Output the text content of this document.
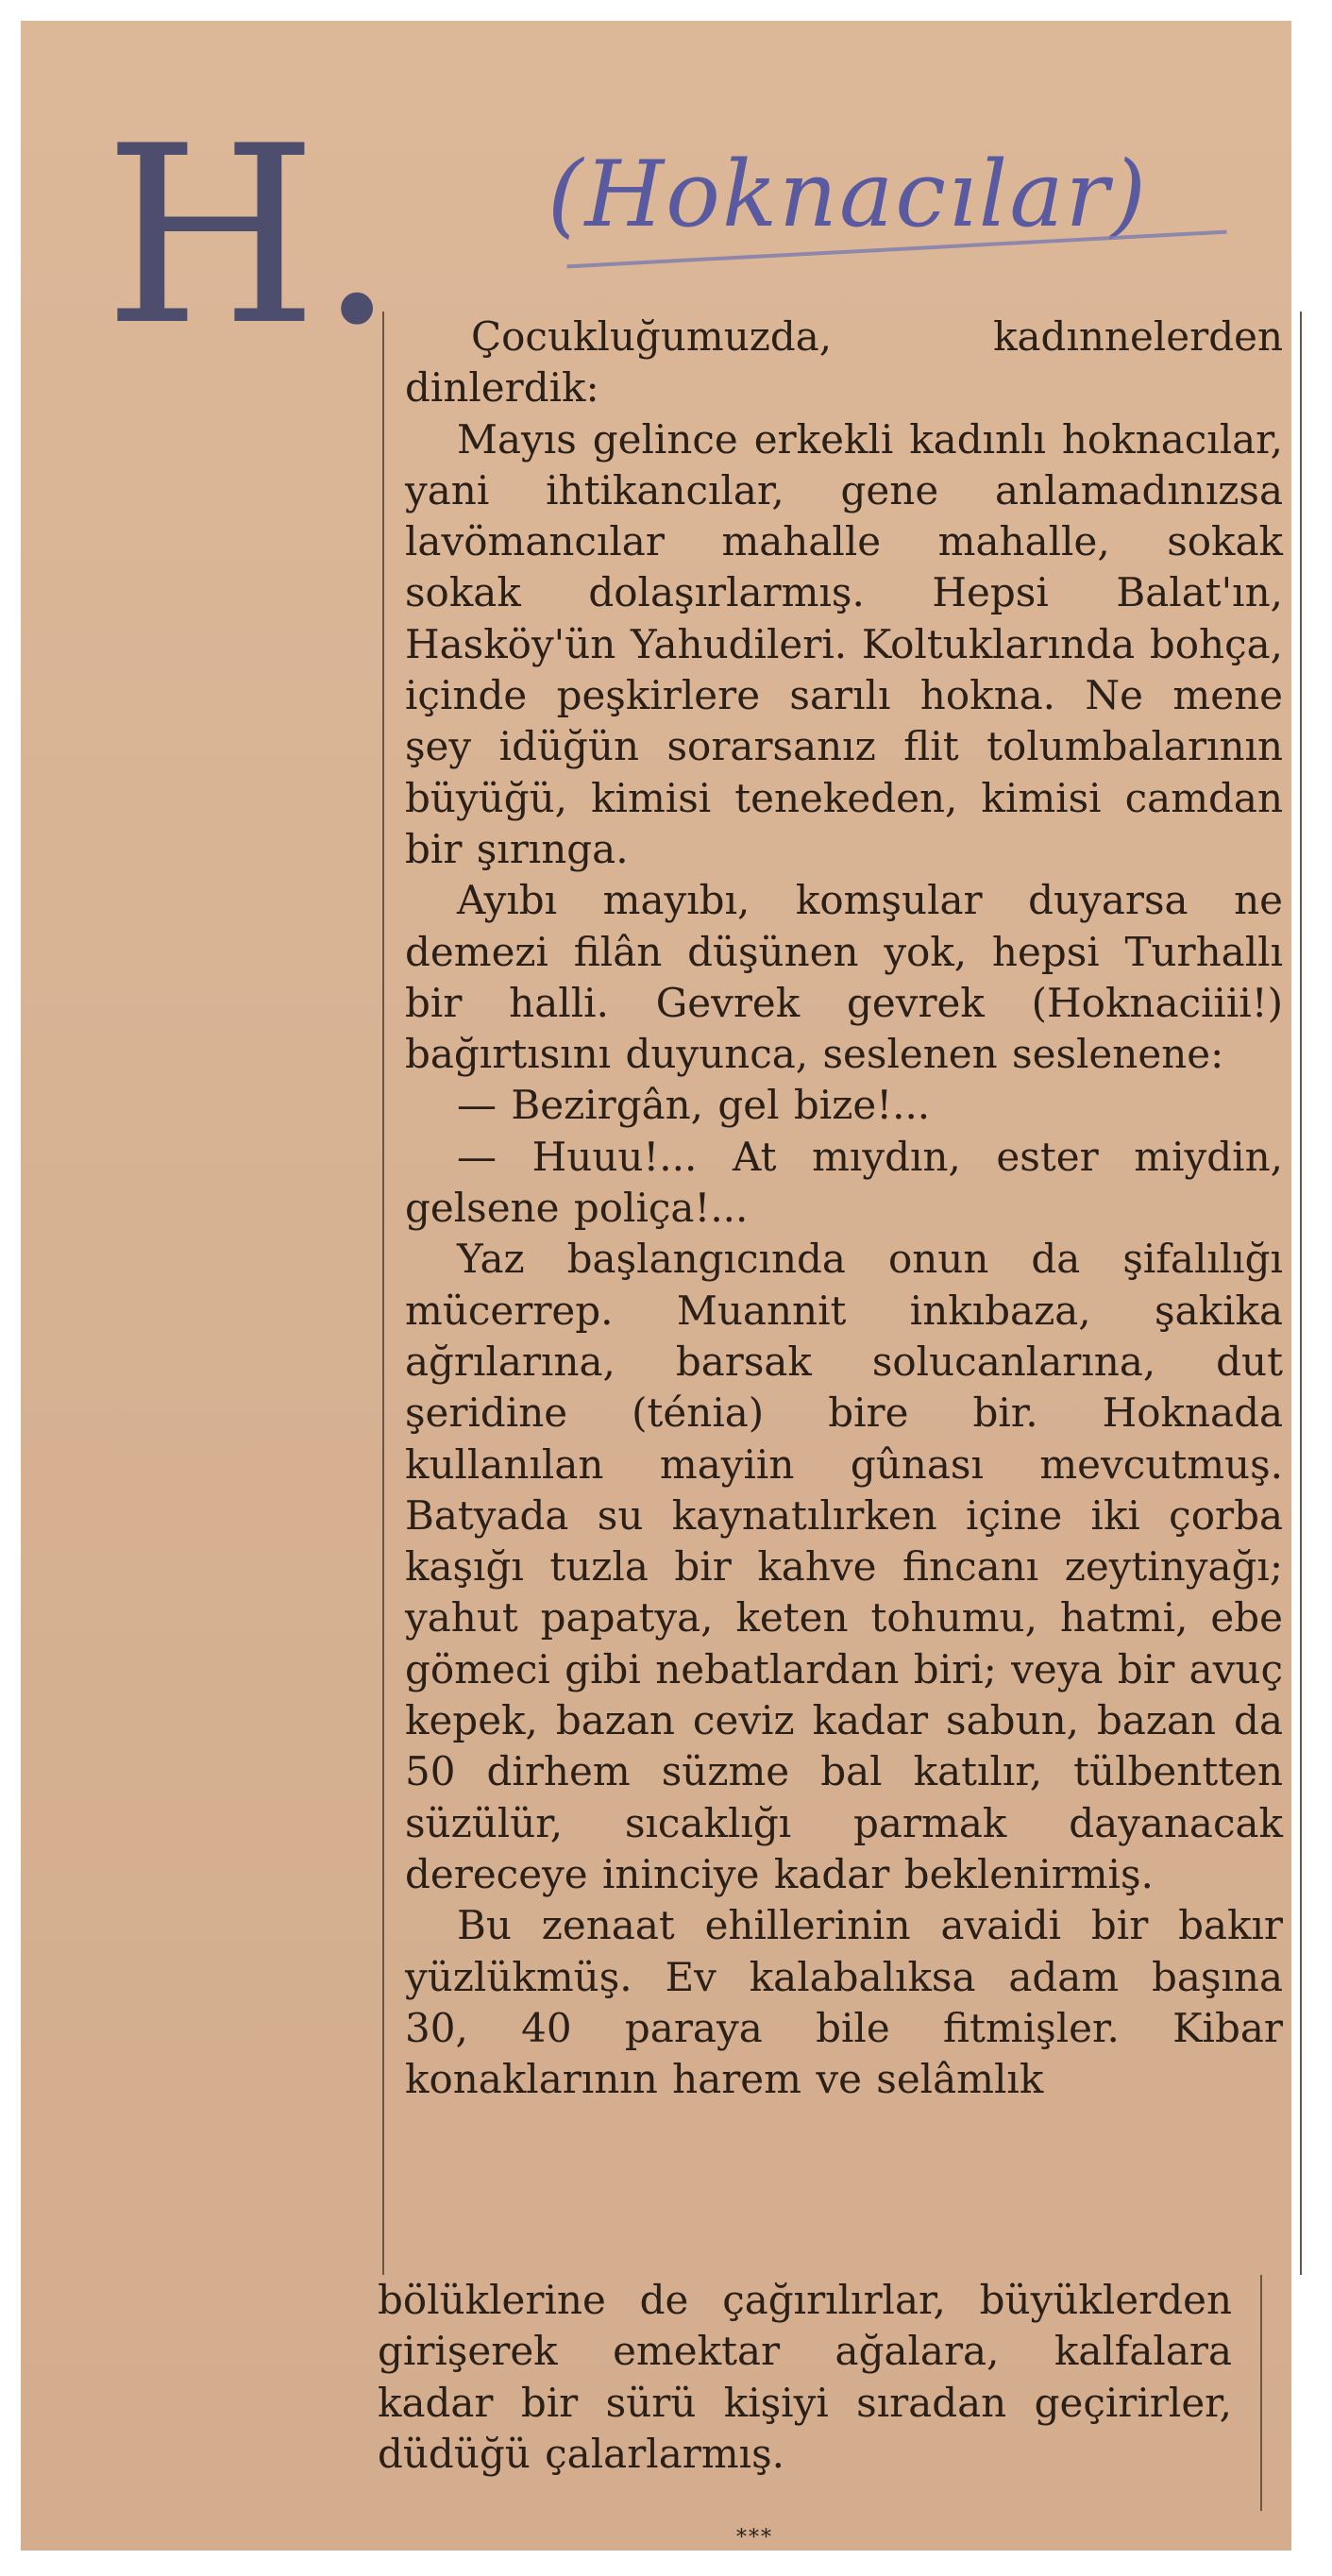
H. (Hoknacılar)

Çocukluğumuzda, kadınnelerden dinlerdik:

Mayıs gelince erkekli kadınlı hoknacılar, yani ihtikancılar, gene anlamadınızsa lavömancılar mahalle mahalle, sokak sokak dolaşırlarmış. Hepsi Balat'ın, Hasköy'ün Yahudileri. Koltuklarında bohça, içinde peşkirlere sarılı hokna. Ne mene şey idüğün sorarsanız flit tolumbalarının büyüğü, kimisi tenekeden, kimisi camdan bir şırınga.

Ayıbı mayıbı, komşular duyarsa ne demezi filân düşünen yok, hepsi Turhallı bir halli. Gevrek gevrek (Hoknaciiii!) bağırtısını duyunca, seslenen seslenene:

— Bezirgân, gel bize!...

— Huuu!... At mıydın, ester miydin, gelsene poliça!...

Yaz başlangıcında onun da şifalılığı mücerrep. Muannit inkıbaza, şakika ağrılarına, barsak solucanlarına, dut şeridine (ténia) bire bir. Hoknada kullanılan mayiin gûnası mevcutmuş. Batyada su kaynatılırken içine iki çorba kaşığı tuzla bir kahve fincanı zeytinyağı; yahut papatya, keten tohumu, hatmi, ebe gömeci gibi nebatlardan biri; veya bir avuç kepek, bazan ceviz kadar sabun, bazan da 50 dirhem süzme bal katılır, tülbentten süzülür, sıcaklığı parmak dayanacak dereceye ininciye kadar beklenirmiş.

Bu zenaat ehillerinin avaidi bir bakır yüzlükmüş. Ev kalabalıksa adam başına 30, 40 paraya bile fitmişler. Kibar konaklarının harem ve selâmlık

bölüklerine de çağırılırlar, büyüklerden girişerek emektar ağalara, kalfalara kadar bir sürü kişiyi sıradan geçirirler, düdüğü çalarlarmış.

***
